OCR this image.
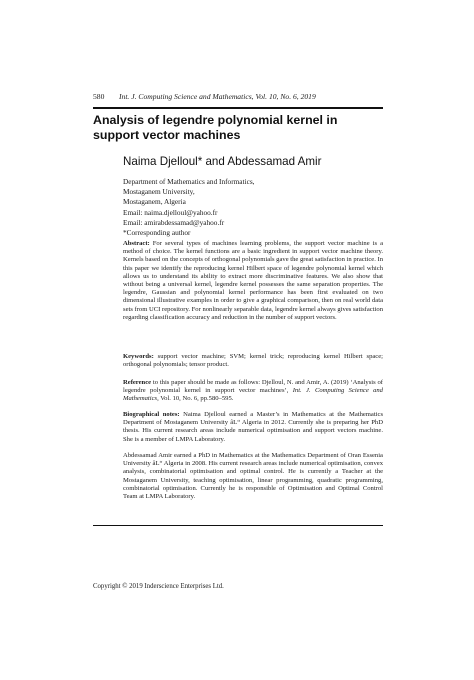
580 Int. J. Computing Science and Mathematics, Vol. 10, No. 6, 2019
Analysis of legendre polynomial kernel in support vector machines
Naima Djelloul* and Abdessamad Amir
Department of Mathematics and Informatics,
Mostaganem University,
Mostaganem, Algeria
Email: naima.djelloul@yahoo.fr
Email: amirabdessamad@yahoo.fr
*Corresponding author
Abstract: For several types of machines learning problems, the support vector machine is a method of choice. The kernel functions are a basic ingredient in support vector machine theory. Kernels based on the concepts of orthogonal polynomials gave the great satisfaction in practice. In this paper we identify the reproducing kernel Hilbert space of legendre polynomial kernel which allows us to understand its ability to extract more discriminative features. We also show that without being a universal kernel, legendre kernel possesses the same separation properties. The legendre, Gaussian and polynomial kernel performance has been first evaluated on two dimensional illustrative examples in order to give a graphical comparison, then on real world data sets from UCI repository. For nonlinearly separable data, legendre kernel always gives satisfaction regarding classification accuracy and reduction in the number of support vectors.
Keywords: support vector machine; SVM; kernel trick; reproducing kernel Hilbert space; orthogonal polynomials; tensor product.
Reference to this paper should be made as follows: Djelloul, N. and Amir, A. (2019) ‘Analysis of legendre polynomial kernel in support vector machines’, Int. J. Computing Science and Mathematics, Vol. 10, No. 6, pp.580–595.
Biographical notes: Naima Djelloul earned a Master’s in Mathematics at the Mathematics Department of Mostaganem University âL“ Algeria in 2012. Currently she is preparing her PhD thesis. His current research areas include numerical optimisation and support vectors machine. She is a member of LMPA Laboratory.
Abdessamad Amir earned a PhD in Mathematics at the Mathematics Department of Oran Essenia University âL“ Algeria in 2008. His current research areas include numerical optimisation, convex analysis, combinatorial optimisation and optimal control. He is currently a Teacher at the Mostaganem University, teaching optimisation, linear programming, quadratic programming, combinatorial optimisation. Currently he is responsible of Optimisation and Optimal Control Team at LMPA Laboratory.
Copyright © 2019 Inderscience Enterprises Ltd.
